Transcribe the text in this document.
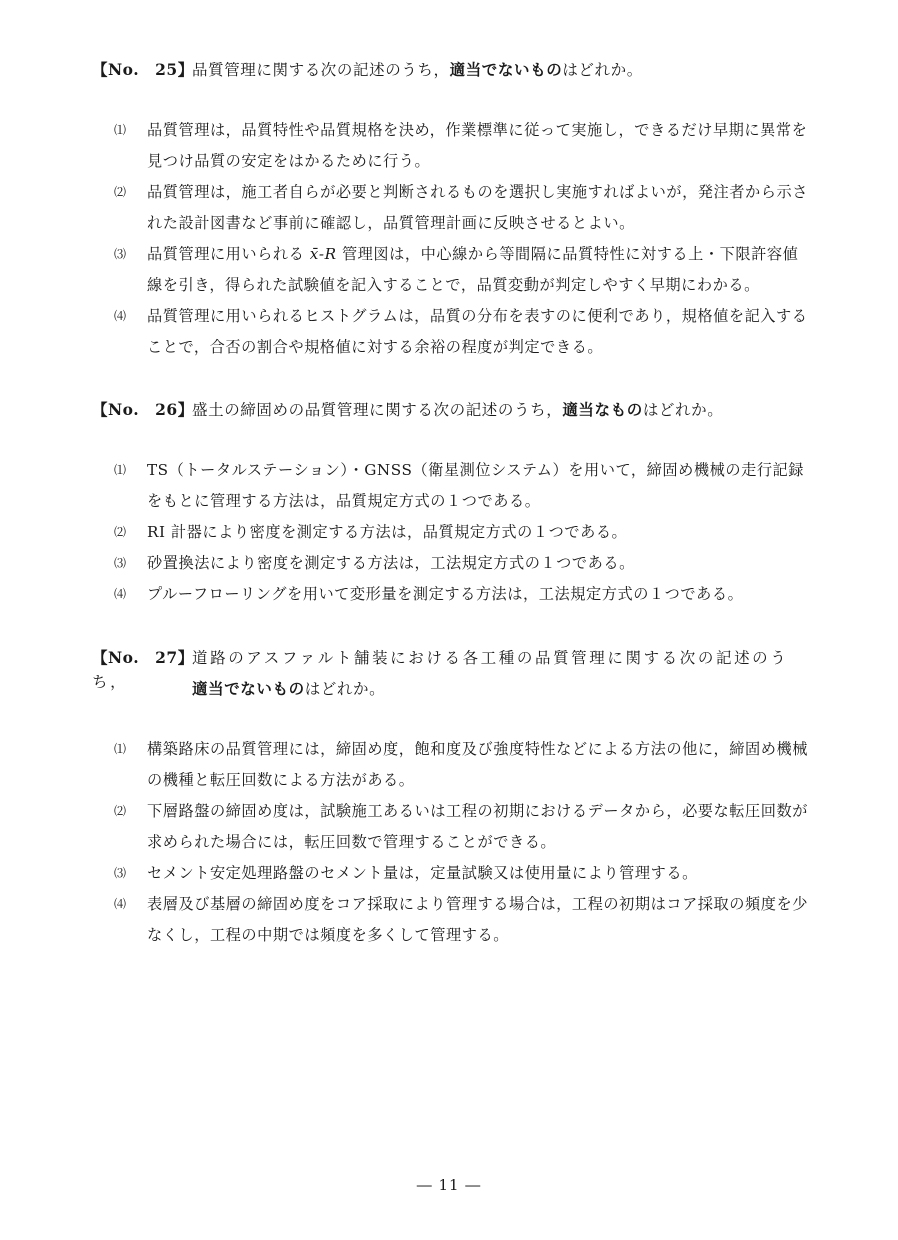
【No.　25】品質管理に関する次の記述のうち，適当でないものはどれか。
⑴ 品質管理は，品質特性や品質規格を決め，作業標準に従って実施し，できるだけ早期に異常を
見つけ品質の安定をはかるために行う。
⑵ 品質管理は，施工者自らが必要と判断されるものを選択し実施すればよいが，発注者から示さ
れた設計図書など事前に確認し，品質管理計画に反映させるとよい。
⑶ 品質管理に用いられる x̄-R 管理図は，中心線から等間隔に品質特性に対する上・下限許容値
線を引き，得られた試験値を記入することで，品質変動が判定しやすく早期にわかる。
⑷ 品質管理に用いられるヒストグラムは，品質の分布を表すのに便利であり，規格値を記入する
ことで，合否の割合や規格値に対する余裕の程度が判定できる。
【No.　26】盛土の締固めの品質管理に関する次の記述のうち，適当なものはどれか。
⑴ TS（トータルステーション）・GNSS（衛星測位システム）を用いて，締固め機械の走行記録
をもとに管理する方法は，品質規定方式の１つである。
⑵ RI 計器により密度を測定する方法は，品質規定方式の１つである。
⑶ 砂置換法により密度を測定する方法は，工法規定方式の１つである。
⑷ プルーフローリングを用いて変形量を測定する方法は，工法規定方式の１つである。
【No.　27】道路のアスファルト舗装における各工種の品質管理に関する次の記述のうち，	適当でないものはどれか。
⑴ 構築路床の品質管理には，締固め度，飽和度及び強度特性などによる方法の他に，締固め機械
の機種と転圧回数による方法がある。
⑵ 下層路盤の締固め度は，試験施工あるいは工程の初期におけるデータから，必要な転圧回数が
求められた場合には，転圧回数で管理することができる。
⑶ セメント安定処理路盤のセメント量は，定量試験又は使用量により管理する。
⑷ 表層及び基層の締固め度をコア採取により管理する場合は，工程の初期はコア採取の頻度を少
なくし，工程の中期では頻度を多くして管理する。
― 11 ―
